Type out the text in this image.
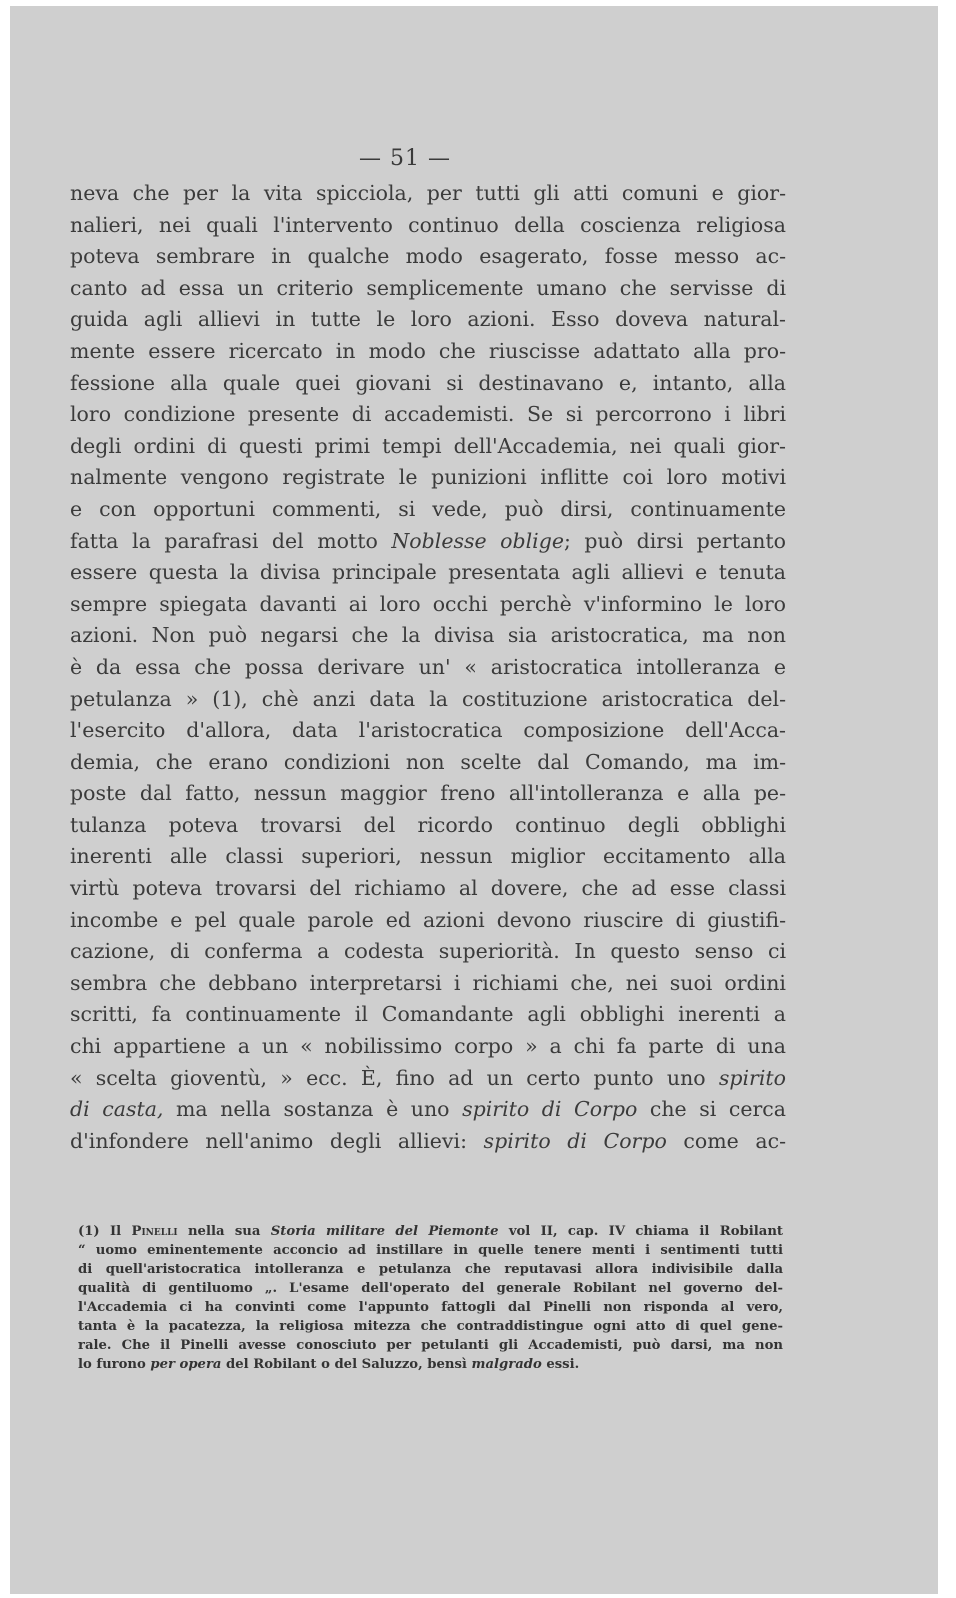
— 51 —
neva che per la vita spicciola, per tutti gli atti comuni e gior-
nalieri, nei quali l'intervento continuo della coscienza religiosa
poteva sembrare in qualche modo esagerato, fosse messo ac-
canto ad essa un criterio semplicemente umano che servisse di
guida agli allievi in tutte le loro azioni. Esso doveva natural-
mente essere ricercato in modo che riuscisse adattato alla pro-
fessione alla quale quei giovani si destinavano e, intanto, alla
loro condizione presente di accademisti. Se si percorrono i libri
degli ordini di questi primi tempi dell'Accademia, nei quali gior-
nalmente vengono registrate le punizioni inflitte coi loro motivi
e con opportuni commenti, si vede, può dirsi, continuamente
fatta la parafrasi del motto Noblesse oblige; può dirsi pertanto
essere questa la divisa principale presentata agli allievi e tenuta
sempre spiegata davanti ai loro occhi perchè v'informino le loro
azioni. Non può negarsi che la divisa sia aristocratica, ma non
è da essa che possa derivare un' « aristocratica intolleranza e
petulanza » (1), chè anzi data la costituzione aristocratica del-
l'esercito d'allora, data l'aristocratica composizione dell'Acca-
demia, che erano condizioni non scelte dal Comando, ma im-
poste dal fatto, nessun maggior freno all'intolleranza e alla pe-
tulanza poteva trovarsi del ricordo continuo degli obblighi
inerenti alle classi superiori, nessun miglior eccitamento alla
virtù poteva trovarsi del richiamo al dovere, che ad esse classi
incombe e pel quale parole ed azioni devono riuscire di giustifi-
cazione, di conferma a codesta superiorità. In questo senso ci
sembra che debbano interpretarsi i richiami che, nei suoi ordini
scritti, fa continuamente il Comandante agli obblighi inerenti a
chi appartiene a un « nobilissimo corpo » a chi fa parte di una
« scelta gioventù, » ecc. È, fino ad un certo punto uno spirito
di casta, ma nella sostanza è uno spirito di Corpo che si cerca
d'infondere nell'animo degli allievi: spirito di Corpo come ac-
(1) Il Pinelli nella sua Storia militare del Piemonte vol II, cap. IV chiama il Robilant
“ uomo eminentemente acconcio ad instillare in quelle tenere menti i sentimenti tutti
di quell'aristocratica intolleranza e petulanza che reputavasi allora indivisibile dalla
qualità di gentiluomo „. L'esame dell'operato del generale Robilant nel governo del-
l'Accademia ci ha convinti come l'appunto fattogli dal Pinelli non risponda al vero,
tanta è la pacatezza, la religiosa mitezza che contraddistingue ogni atto di quel gene-
rale. Che il Pinelli avesse conosciuto per petulanti gli Accademisti, può darsi, ma non
lo furono per opera del Robilant o del Saluzzo, bensì malgrado essi.
